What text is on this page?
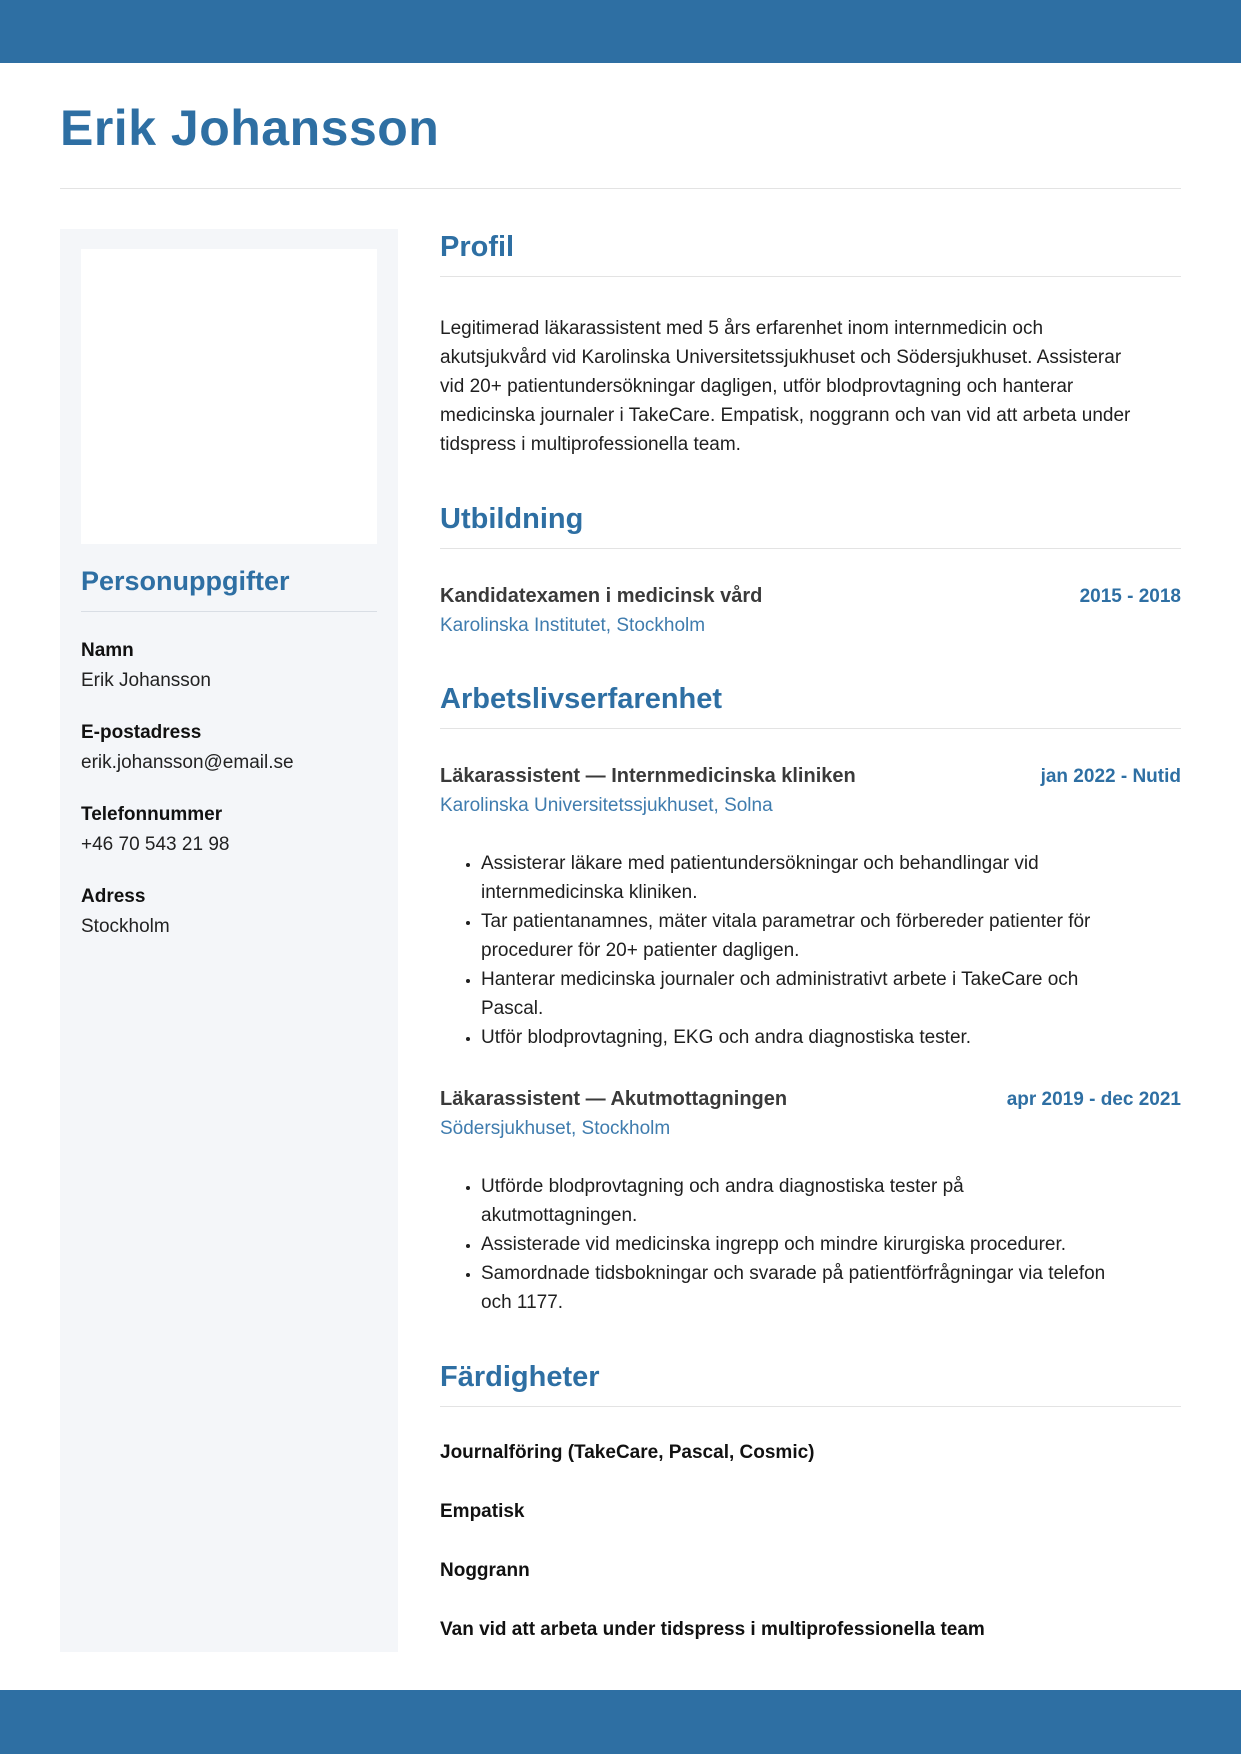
Erik Johansson
Personuppgifter
Namn
Erik Johansson
E-postadress
erik.johansson@email.se
Telefonnummer
+46 70 543 21 98
Adress
Stockholm
Profil

Legitimerad läkarassistent med 5 års erfarenhet inom internmedicin och akutsjukvård vid Karolinska Universitetssjukhuset och Södersjukhuset. Assisterar vid 20+ patientundersökningar dagligen, utför blodprovtagning och hanterar medicinska journaler i TakeCare. Empatisk, noggrann och van vid att arbeta under tidspress i multiprofessionella team.

Utbildning
Kandidatexamen i medicinsk vård	2015 - 2018
Karolinska Institutet, Stockholm
Arbetslivserfarenhet
Läkarassistent — Internmedicinska kliniken	jan 2022 - Nutid
Karolinska Universitetssjukhuset, Solna
• Assisterar läkare med patientundersökningar och behandlingar vid internmedicinska kliniken.
• Tar patientanamnes, mäter vitala parametrar och förbereder patienter för procedurer för 20+ patienter dagligen.
• Hanterar medicinska journaler och administrativt arbete i TakeCare och Pascal.
• Utför blodprovtagning, EKG och andra diagnostiska tester.
Läkarassistent — Akutmottagningen	apr 2019 - dec 2021
Södersjukhuset, Stockholm
• Utförde blodprovtagning och andra diagnostiska tester på akutmottagningen.
• Assisterade vid medicinska ingrepp och mindre kirurgiska procedurer.
• Samordnade tidsbokningar och svarade på patientförfrågningar via telefon och 1177.
Färdigheter
Journalföring (TakeCare, Pascal, Cosmic)
Empatisk
Noggrann
Van vid att arbeta under tidspress i multiprofessionella team
